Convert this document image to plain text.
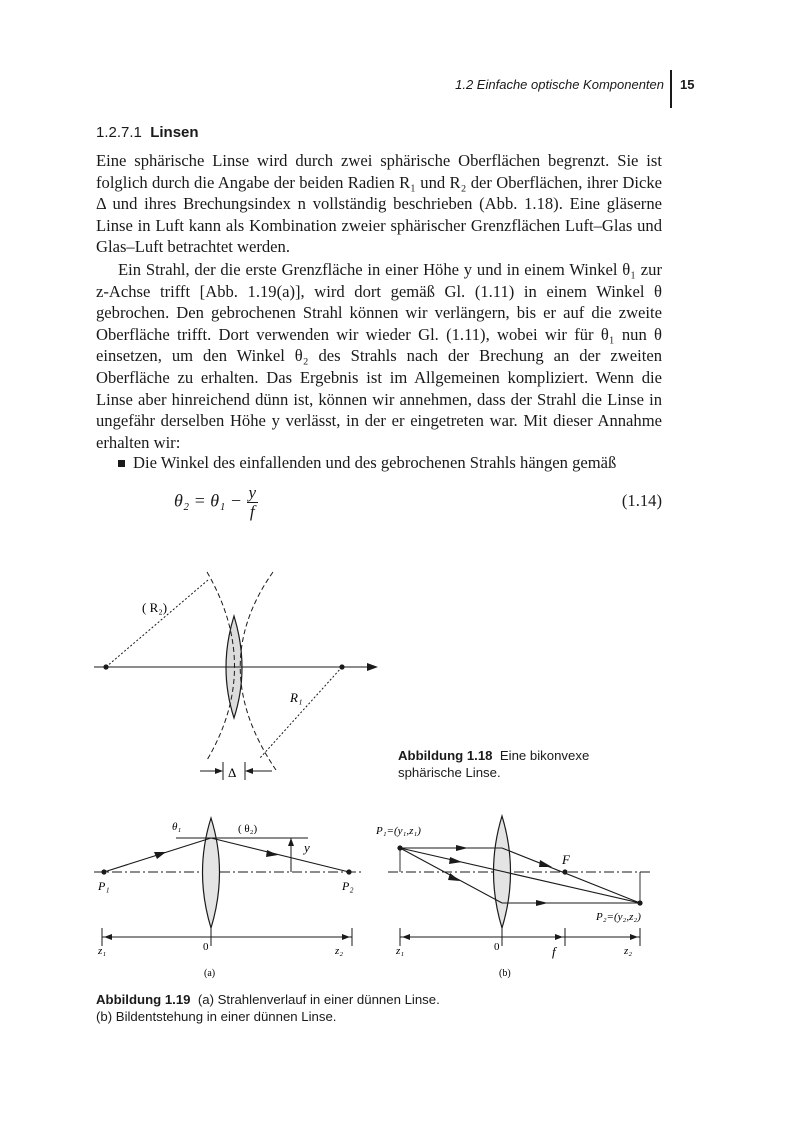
1.2 Einfache optische Komponenten 15
1.2.7.1 Linsen

Eine sphärische Linse wird durch zwei sphärische Oberflächen begrenzt. Sie ist folglich durch die Angabe der beiden Radien R₁ und R₂ der Oberflächen, ihrer Dicke Δ und ihres Brechungsindex n vollständig beschrieben (Abb. 1.18). Eine gläserne Linse in Luft kann als Kombination zweier sphärischer Grenzflächen Luft–Glas und Glas–Luft betrachtet werden.

Ein Strahl, der die erste Grenzfläche in einer Höhe y und in einem Winkel θ₁ zur z-Achse trifft [Abb. 1.19(a)], wird dort gemäß Gl. (1.11) in einem Winkel θ gebrochen. Den gebrochenen Strahl können wir verlängern, bis er auf die zweite Oberfläche trifft. Dort verwenden wir wieder Gl. (1.11), wobei wir für θ₁ nun θ einsetzen, um den Winkel θ₂ des Strahls nach der Brechung an der zweiten Oberfläche zu erhalten. Das Ergebnis ist im Allgemeinen kompliziert. Wenn die Linse aber hinreichend dünn ist, können wir annehmen, dass der Strahl die Linse in ungefähr derselben Höhe y verlässt, in der er eingetreten war. Mit dieser Annahme erhalten wir:

Die Winkel des einfallenden und des gebrochenen Strahls hängen gemäß
$\theta_2 = \theta_1 - \frac{y}{f}$	(1.14)
( R₂)
R₁
Δ
Abbildung 1.18 Eine bikonvexe sphärische Linse.
θ₁	( θ₂)
y
P₁	P₂
z₁	0	z₂
(a)
P₁=(y₁,z₁)
F
P₂=(y₂,z₂)
z₁	0	f	z₂
(b)
Abbildung 1.19 (a) Strahlenverlauf in einer dünnen Linse.
(b) Bildentstehung in einer dünnen Linse.
